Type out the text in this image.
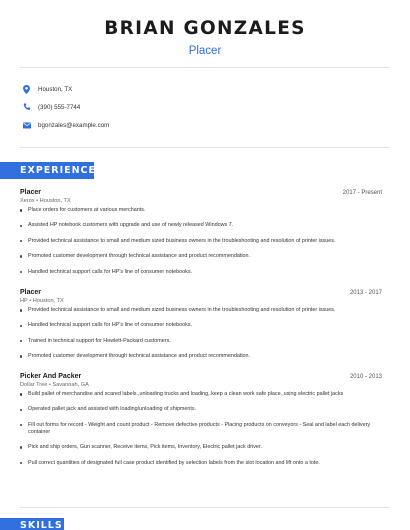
BRIAN GONZALES
Placer
Houston, TX
(390) 555-7744
bgonzales@example.com
EXPERIENCE
Placer	2017 - Present
Xerox • Houston, TX
Place orders for customers at various merchants.
Assisted HP notebook customers with upgrade and use of newly released Windows 7.
Provided technical assistance to small and medium sized business owners in the troubleshooting and resolution of printer issues.
Promoted customer development through technical assistance and product recommendation.
Handled technical support calls for HP's line of consumer notebooks.
Placer	2013 - 2017
HP • Houston, TX
Provided technical assistance to small and medium sized business owners in the troubleshooting and resolution of printer issues.
Handled technical support calls for HP's line of consumer notebooks.
Trained in technical support for Hewlett-Packard customers.
Promoted customer development through technical assistance and product recommendation.
Picker And Packer	2010 - 2013
Dollar Tree • Savannah, GA
Build pallet of merchandise and scared labels.,unloading trucks and loading,.keep a clean work safe place.,using electric pallet jacks
Operated pallet jack and assisted with loading/unloading of shipments.
Fill out forms for record - Weight and count product - Remove defective products - Placing products on conveyors - Seal and label each delivery container
Pick and ship orders, Gun scanner, Receive items, Pick items, Inventory, Electric pallet jack driver.
Pull correct quantities of designated full case product identified by selection labels from the slot location and lift onto a tote.
SKILLS
